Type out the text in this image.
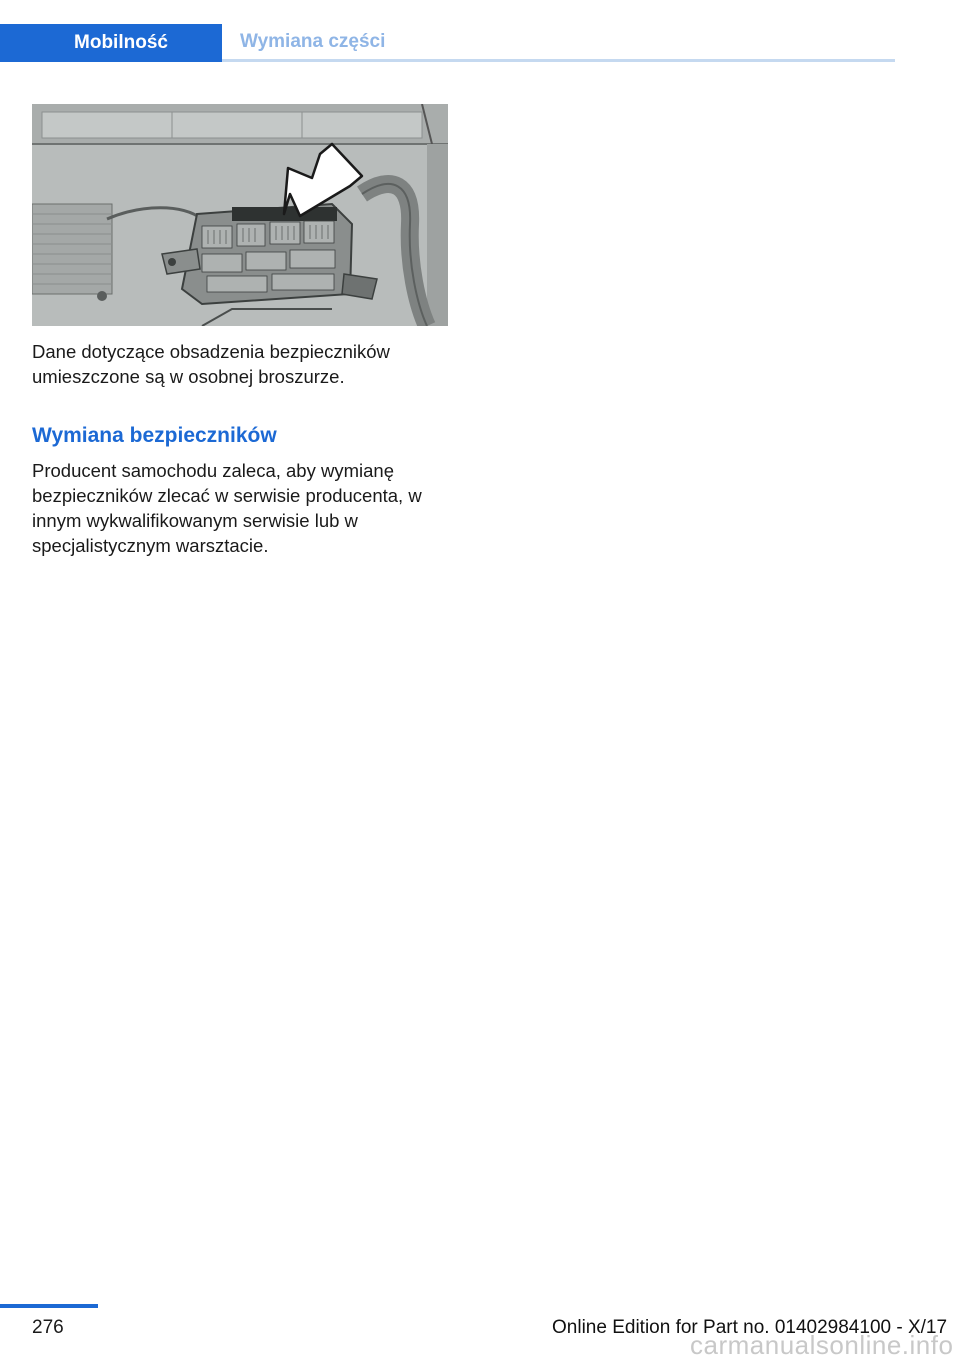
Mobilność	Wymiana części
Dane dotyczące obsadzenia bezpieczników umieszczone są w osobnej broszurze.
Wymiana bezpieczników
Producent samochodu zaleca, aby wymianę bezpieczników zlecać w serwisie producenta, w innym wykwalifikowanym serwisie lub w specjalistycznym warsztacie.
276	Online Edition for Part no. 01402984100 - X/17
carmanualsonline.info
